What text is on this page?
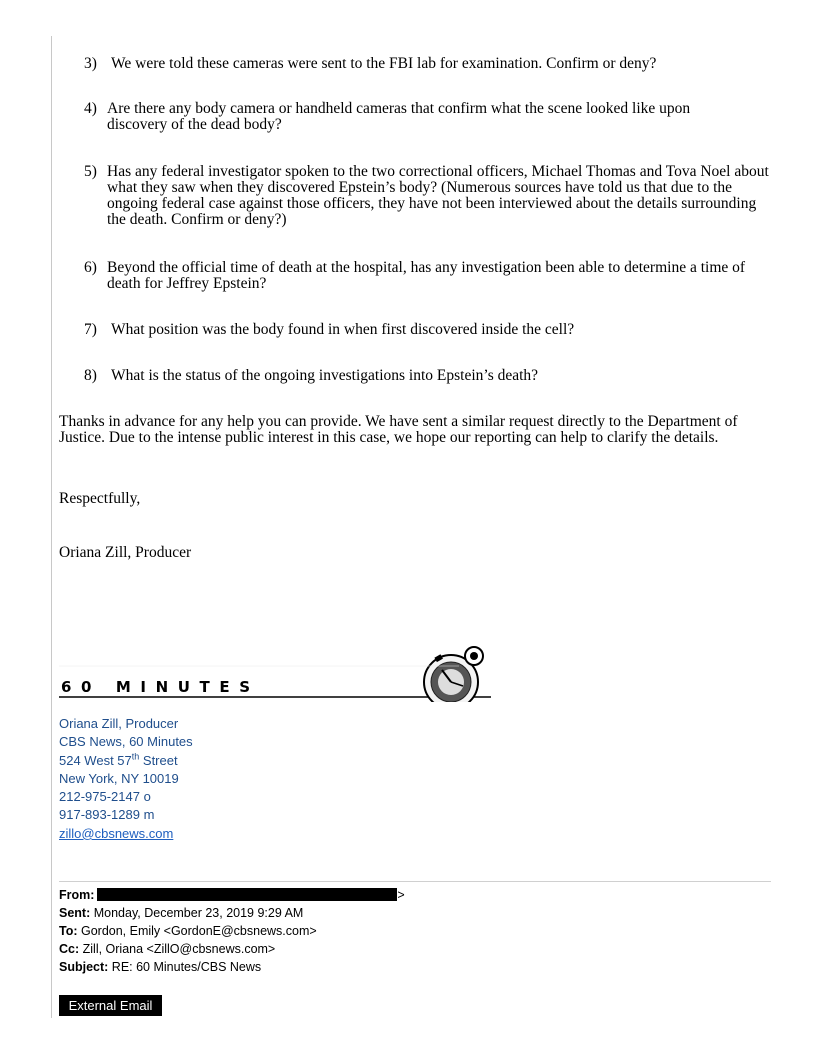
3) We were told these cameras were sent to the FBI lab for examination. Confirm or deny?
4) Are there any body camera or handheld cameras that confirm what the scene looked like upon discovery of the dead body?
5) Has any federal investigator spoken to the two correctional officers, Michael Thomas and Tova Noel about what they saw when they discovered Epstein’s body? (Numerous sources have told us that due to the ongoing federal case against those officers, they have not been interviewed about the details surrounding the death. Confirm or deny?)
6) Beyond the official time of death at the hospital, has any investigation been able to determine a time of death for Jeffrey Epstein?
7) What position was the body found in when first discovered inside the cell?
8) What is the status of the ongoing investigations into Epstein’s death?
Thanks in advance for any help you can provide. We have sent a similar request directly to the Department of Justice. Due to the intense public interest in this case, we hope our reporting can help to clarify the details.
Respectfully,
Oriana Zill, Producer
60 MINUTES
Oriana Zill, Producer
CBS News, 60 Minutes
524 West 57th Street
New York, NY 10019
212-975-2147 o
917-893-1289 m
zillo@cbsnews.com
From:	>
Sent: Monday, December 23, 2019 9:29 AM
To: Gordon, Emily <GordonE@cbsnews.com>
Cc: Zill, Oriana <ZillO@cbsnews.com>
Subject: RE: 60 Minutes/CBS News
External Email
